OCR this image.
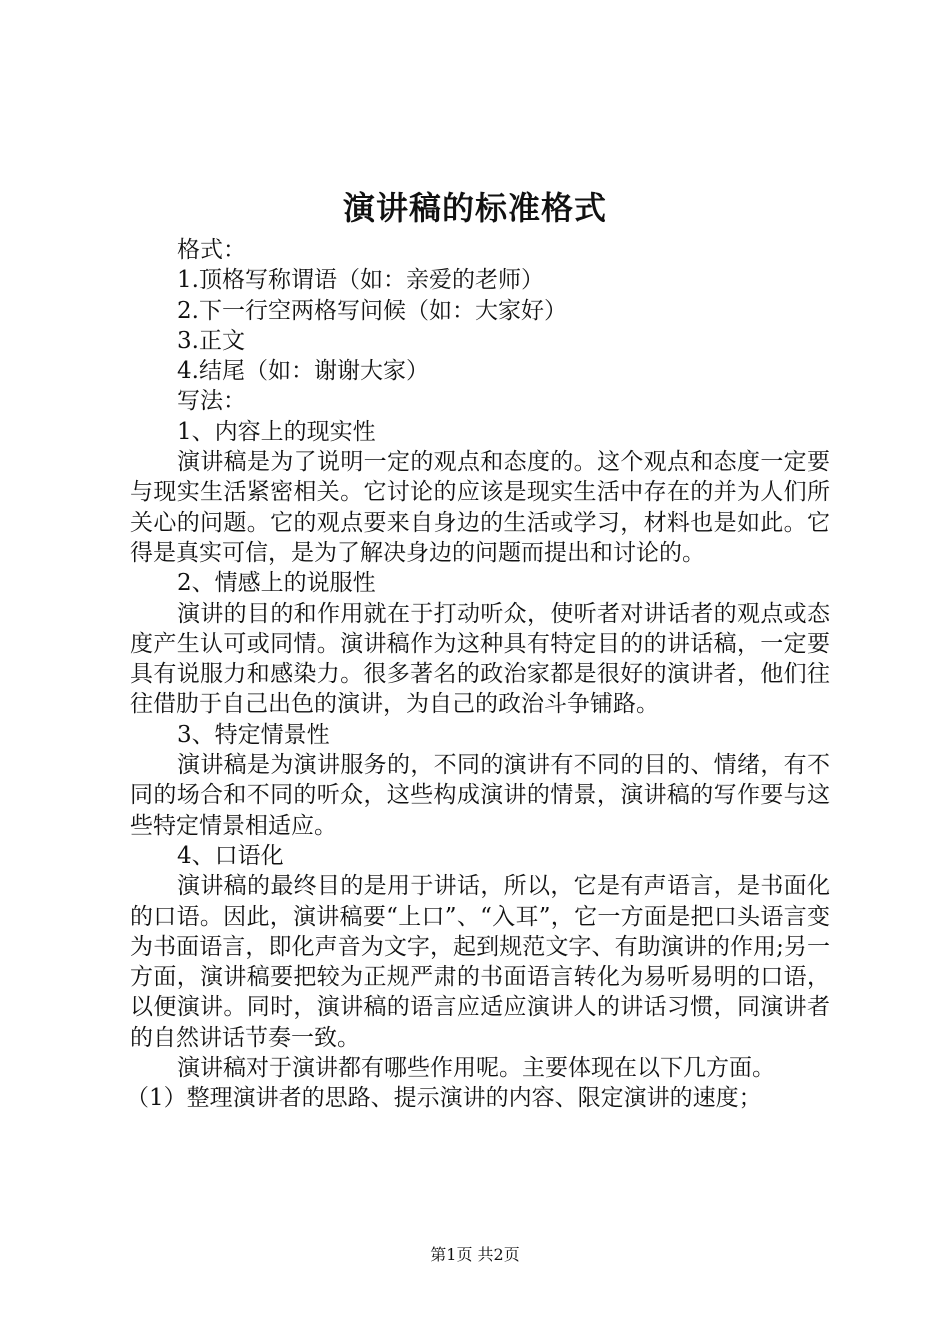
演讲稿的标准格式
格式：
1.顶格写称谓语（如：亲爱的老师）
2.下一行空两格写问候（如：大家好）
3.正文
4.结尾（如：谢谢大家）
写法：
1、内容上的现实性
演讲稿是为了说明一定的观点和态度的。这个观点和态度一定要与现实生活紧密相关。它讨论的应该是现实生活中存在的并为人们所关心的问题。它的观点要来自身边的生活或学习，材料也是如此。它得是真实可信，是为了解决身边的问题而提出和讨论的。
2、情感上的说服性
演讲的目的和作用就在于打动听众，使听者对讲话者的观点或态度产生认可或同情。演讲稿作为这种具有特定目的的讲话稿，一定要具有说服力和感染力。很多著名的政治家都是很好的演讲者，他们往往借肋于自己出色的演讲，为自己的政治斗争铺路。
3、特定情景性
演讲稿是为演讲服务的，不同的演讲有不同的目的、情绪，有不同的场合和不同的听众，这些构成演讲的情景，演讲稿的写作要与这些特定情景相适应。
4、口语化
演讲稿的最终目的是用于讲话，所以，它是有声语言，是书面化的口语。因此，演讲稿要“上口”、“入耳”，它一方面是把口头语言变为书面语言，即化声音为文字，起到规范文字、有助演讲的作用;另一方面，演讲稿要把较为正规严肃的书面语言转化为易听易明的口语，以便演讲。同时，演讲稿的语言应适应演讲人的讲话习惯，同演讲者的自然讲话节奏一致。
演讲稿对于演讲都有哪些作用呢。主要体现在以下几方面。
（1）整理演讲者的思路、提示演讲的内容、限定演讲的速度；
第1页 共2页
